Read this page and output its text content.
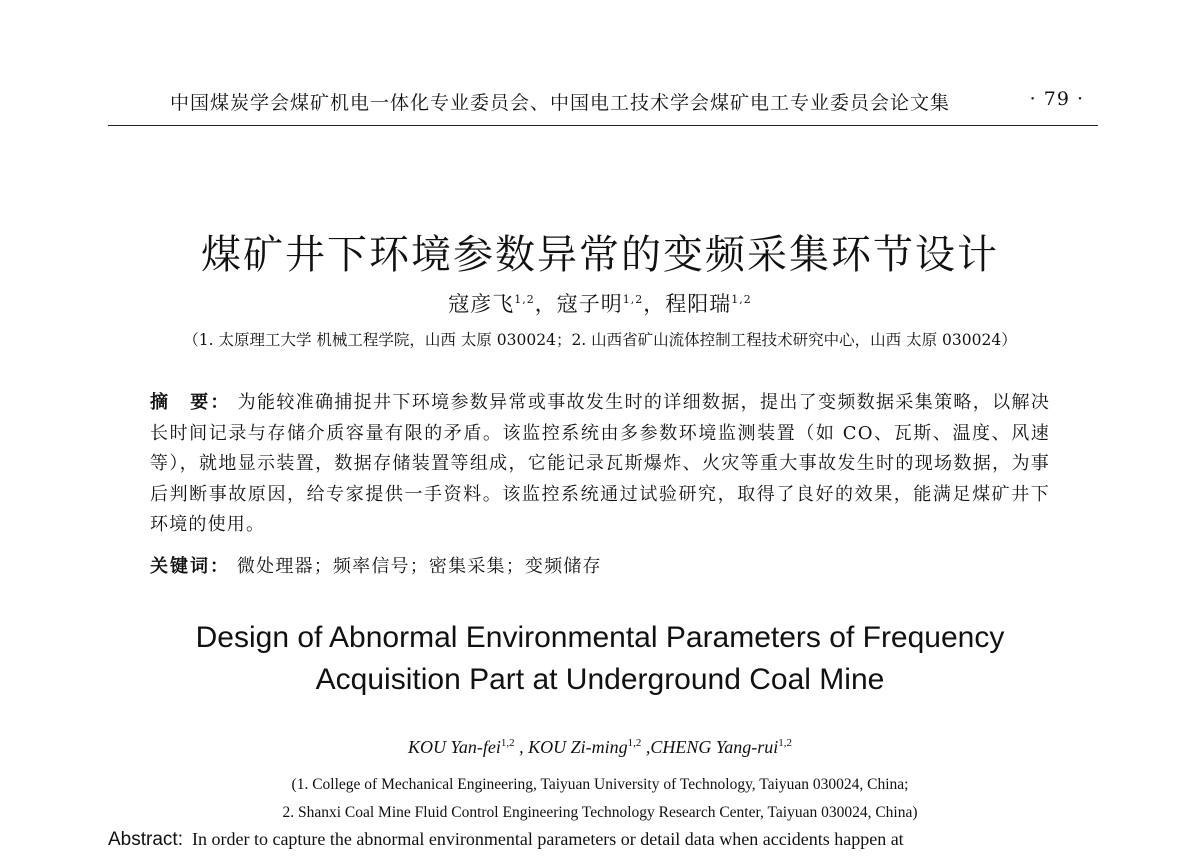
中国煤炭学会煤矿机电一体化专业委员会、中国电工技术学会煤矿电工专业委员会论文集	· 79 ·
煤矿井下环境参数异常的变频采集环节设计
寇彦飞$^{1,2}$，寇子明$^{1,2}$，程阳瑞$^{1,2}$
（1. 太原理工大学 机械工程学院，山西 太原 030024；2. 山西省矿山流体控制工程技术研究中心，山西 太原 030024）
摘　要： 为能较准确捕捉井下环境参数异常或事故发生时的详细数据，提出了变频数据采集策略，以解决长时间记录与存储介质容量有限的矛盾。该监控系统由多参数环境监测装置（如 CO、瓦斯、温度、风速等），就地显示装置，数据存储装置等组成，它能记录瓦斯爆炸、火灾等重大事故发生时的现场数据，为事后判断事故原因，给专家提供一手资料。该监控系统通过试验研究，取得了良好的效果，能满足煤矿井下环境的使用。
关键词： 微处理器；频率信号；密集采集；变频储存
Design of Abnormal Environmental Parameters of Frequency
Acquisition Part at Underground Coal Mine
KOU Yan-fei$^{1,2}$ , KOU Zi-ming$^{1,2}$ ,CHENG Yang-rui$^{1,2}$
(1. College of Mechanical Engineering, Taiyuan University of Technology, Taiyuan 030024, China;
2. Shanxi Coal Mine Fluid Control Engineering Technology Research Center, Taiyuan 030024, China)
Abstract: In order to capture the abnormal environmental parameters or detail data when accidents happen at
